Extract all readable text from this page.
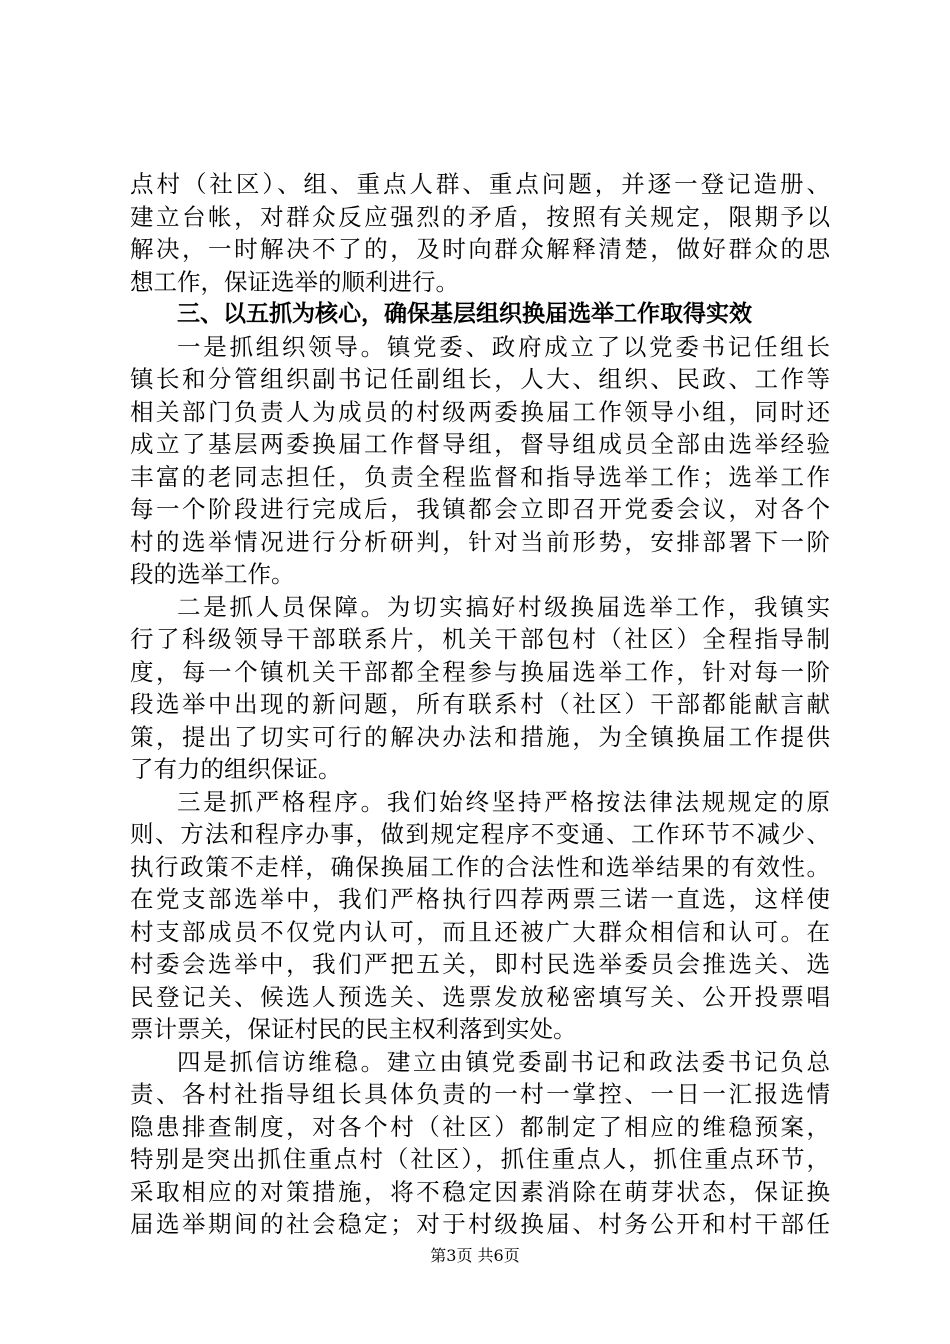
点村（社区）、组、重点人群、重点问题，并逐一登记造册、
建立台帐，对群众反应强烈的矛盾，按照有关规定，限期予以
解决，一时解决不了的，及时向群众解释清楚，做好群众的思
想工作，保证选举的顺利进行。
三、以五抓为核心，确保基层组织换届选举工作取得实效
一是抓组织领导。镇党委、政府成立了以党委书记任组长
镇长和分管组织副书记任副组长，人大、组织、民政、工作等
相关部门负责人为成员的村级两委换届工作领导小组，同时还
成立了基层两委换届工作督导组，督导组成员全部由选举经验
丰富的老同志担任，负责全程监督和指导选举工作；选举工作
每一个阶段进行完成后，我镇都会立即召开党委会议，对各个
村的选举情况进行分析研判，针对当前形势，安排部署下一阶
段的选举工作。
二是抓人员保障。为切实搞好村级换届选举工作，我镇实
行了科级领导干部联系片，机关干部包村（社区）全程指导制
度，每一个镇机关干部都全程参与换届选举工作，针对每一阶
段选举中出现的新问题，所有联系村（社区）干部都能献言献
策，提出了切实可行的解决办法和措施，为全镇换届工作提供
了有力的组织保证。
三是抓严格程序。我们始终坚持严格按法律法规规定的原
则、方法和程序办事，做到规定程序不变通、工作环节不减少、
执行政策不走样，确保换届工作的合法性和选举结果的有效性。
在党支部选举中，我们严格执行四荐两票三诺一直选，这样使
村支部成员不仅党内认可，而且还被广大群众相信和认可。在
村委会选举中，我们严把五关，即村民选举委员会推选关、选
民登记关、候选人预选关、选票发放秘密填写关、公开投票唱
票计票关，保证村民的民主权利落到实处。
四是抓信访维稳。建立由镇党委副书记和政法委书记负总
责、各村社指导组长具体负责的一村一掌控、一日一汇报选情
隐患排查制度，对各个村（社区）都制定了相应的维稳预案，
特别是突出抓住重点村（社区），抓住重点人，抓住重点环节，
采取相应的对策措施，将不稳定因素消除在萌芽状态，保证换
届选举期间的社会稳定；对于村级换届、村务公开和村干部任
第3页 共6页
